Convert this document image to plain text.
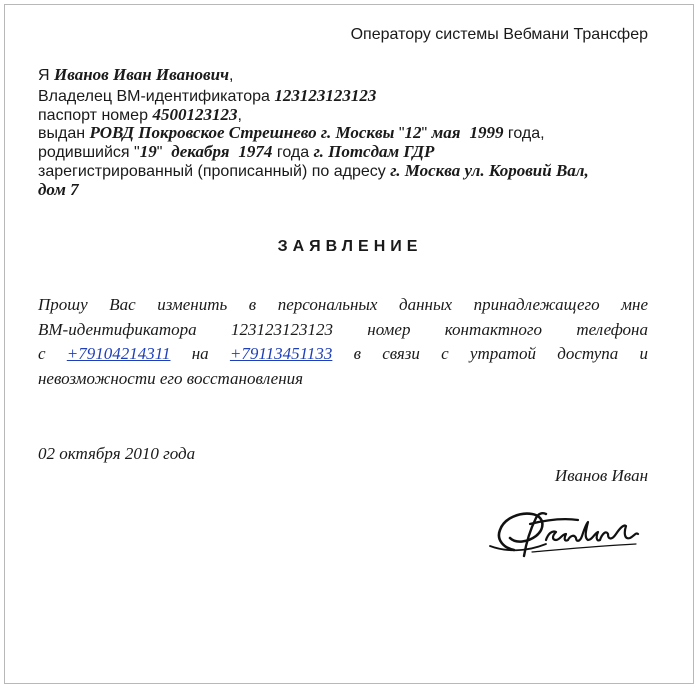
Оператору системы Вебмани Трансфер
Я Иванов Иван Иванович,
Владелец ВМ-идентификатора 123123123123
паспорт номер 4500123123,
выдан РОВД Покровское Стрешнево г. Москвы "12" мая 1999 года,
родившийся "19"  декабря 1974 года г. Потсдам ГДР
зарегистрированный (прописанный) по адресу г. Москва ул. Коровий Вал,
дом 7
ЗАЯВЛЕНИЕ
Прошу Вас изменить в персональных данных принадлежащего мне
ВМ-идентификатора 123123123123 номер контактного телефона
с +79104214311 на +79113451133 в связи с утратой доступа и
невозможности его восстановления
02 октября 2010 года
Иванов Иван
